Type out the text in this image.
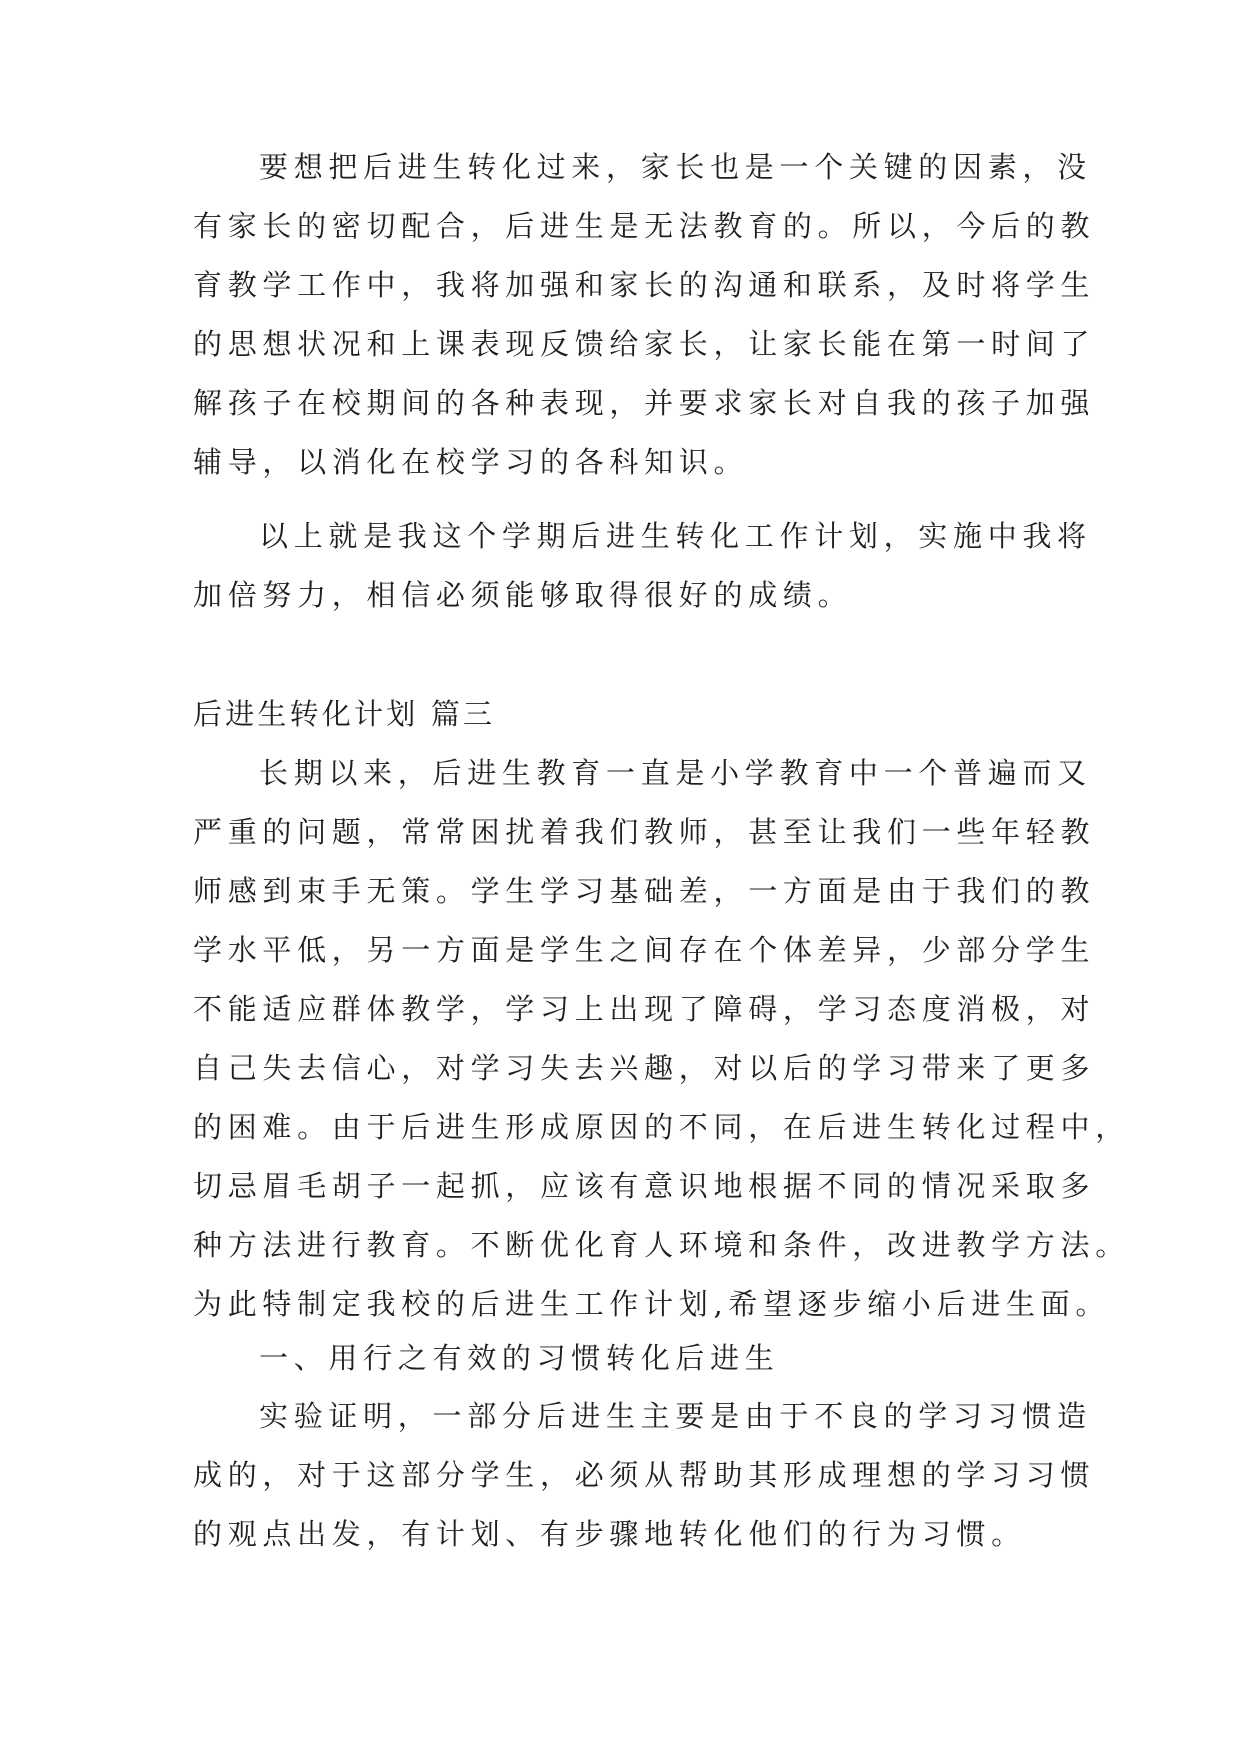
要想把后进生转化过来，家长也是一个关键的因素，没
有家长的密切配合，后进生是无法教育的。所以，今后的教
育教学工作中，我将加强和家长的沟通和联系，及时将学生
的思想状况和上课表现反馈给家长，让家长能在第一时间了
解孩子在校期间的各种表现，并要求家长对自我的孩子加强
辅导，以消化在校学习的各科知识。
以上就是我这个学期后进生转化工作计划，实施中我将
加倍努力，相信必须能够取得很好的成绩。
后进生转化计划 篇三
长期以来，后进生教育一直是小学教育中一个普遍而又
严重的问题，常常困扰着我们教师，甚至让我们一些年轻教
师感到束手无策。学生学习基础差，一方面是由于我们的教
学水平低，另一方面是学生之间存在个体差异，少部分学生
不能适应群体教学，学习上出现了障碍，学习态度消极，对
自己失去信心，对学习失去兴趣，对以后的学习带来了更多
的困难。由于后进生形成原因的不同，在后进生转化过程中，
切忌眉毛胡子一起抓，应该有意识地根据不同的情况采取多
种方法进行教育。不断优化育人环境和条件，改进教学方法。
为此特制定我校的后进生工作计划,希望逐步缩小后进生面。
一、用行之有效的习惯转化后进生
实验证明，一部分后进生主要是由于不良的学习习惯造
成的，对于这部分学生，必须从帮助其形成理想的学习习惯
的观点出发，有计划、有步骤地转化他们的行为习惯。
